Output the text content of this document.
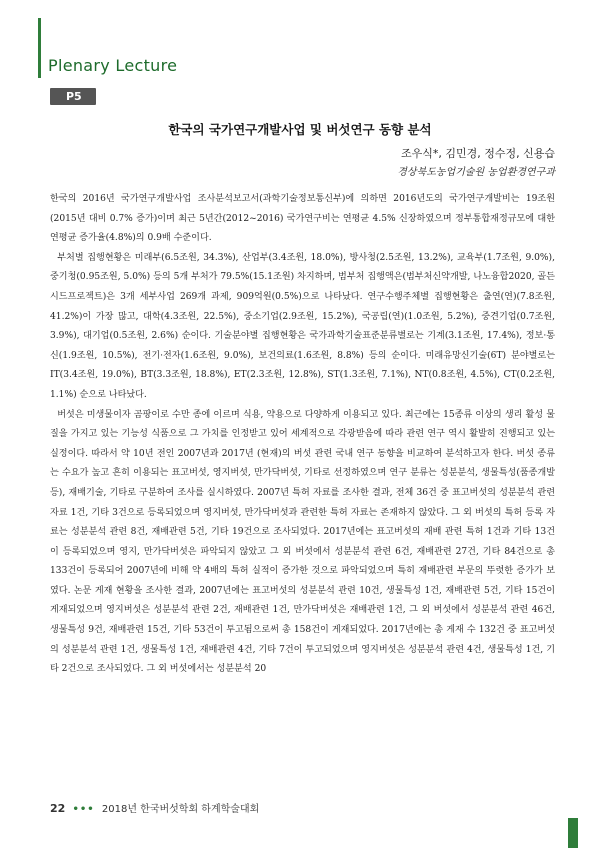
Plenary Lecture
P5
한국의 국가연구개발사업 및 버섯연구 동향 분석
조우식*, 김민경, 정수정, 신용습
경상북도농업기술원 농업환경연구과

한국의 2016년 국가연구개발사업 조사분석보고서(과학기술정보통신부)에 의하면 2016년도의 국가연구개발비는 19조원(2015년 대비 0.7% 증가)이며 최근 5년간(2012~2016) 국가연구비는 연평균 4.5% 신장하였으며 정부통합재정규모에 대한 연평균 증가율(4.8%)의 0.9배 수준이다.

부처별 집행현황은 미래부(6.5조원, 34.3%), 산업부(3.4조원, 18.0%), 방사청(2.5조원, 13.2%), 교육부(1.7조원, 9.0%), 중기청(0.95조원, 5.0%) 등의 5개 부처가 79.5%(15.1조원) 차지하며, 범부처 집행액은(범부처신약개발, 나노융합2020, 골든시드프로젝트)은 3개 세부사업 269개 과제, 909억원(0.5%)으로 나타났다. 연구수행주체별 집행현황은 출연(연)(7.8조원, 41.2%)이 가장 많고, 대학(4.3조원, 22.5%), 중소기업(2.9조원, 15.2%), 국공립(연)(1.0조원, 5.2%), 중견기업(0.7조원, 3.9%), 대기업(0.5조원, 2.6%) 순이다. 기술분야별 집행현황은 국가과학기술표준분류별로는 기계(3.1조원, 17.4%), 정보·통신(1.9조원, 10.5%), 전기·전자(1.6조원, 9.0%), 보건의료(1.6조원, 8.8%) 등의 순이다. 미래유망신기술(6T) 분야별로는 IT(3.4조원, 19.0%), BT(3.3조원, 18.8%), ET(2.3조원, 12.8%), ST(1.3조원, 7.1%), NT(0.8조원, 4.5%), CT(0.2조원, 1.1%) 순으로 나타났다.

버섯은 미생물이자 곰팡이로 수만 종에 이르며 식용, 약용으로 다양하게 이용되고 있다. 최근에는 15종류 이상의 생리 활성 물질을 가지고 있는 기능성 식품으로 그 가치를 인정받고 있어 세계적으로 각광받음에 따라 관련 연구 역시 활발히 진행되고 있는 실정이다. 따라서 약 10년 전인 2007년과 2017년 (현재)의 버섯 관련 국내 연구 동향을 비교하여 분석하고자 한다. 버섯 종류는 수요가 높고 흔히 이용되는 표고버섯, 영지버섯, 만가닥버섯, 기타로 선정하였으며 연구 분류는 성분분석, 생물특성(품종개발 등), 재배기술, 기타로 구분하여 조사를 실시하였다. 2007년 특허 자료를 조사한 결과, 전체 36건 중 표고버섯의 성분분석 관련 자료 1건, 기타 3건으로 등록되었으며 영지버섯, 만가닥버섯과 관련한 특허 자료는 존재하지 않았다. 그 외 버섯의 특허 등록 자료는 성분분석 관련 8건, 재배관련 5건, 기타 19건으로 조사되었다. 2017년에는 표고버섯의 재배 관련 특허 1건과 기타 13건이 등록되었으며 영지, 만가닥버섯은 파악되지 않았고 그 외 버섯에서 성분분석 관련 6건, 재배관련 27건, 기타 84건으로 총 133건이 등록되어 2007년에 비해 약 4배의 특허 실적이 증가한 것으로 파악되었으며 특히 재배관련 부문의 뚜렷한 증가가 보였다. 논문 게재 현황을 조사한 결과, 2007년에는 표고버섯의 성분분석 관련 10건, 생물특성 1건, 재배관련 5건, 기타 15건이 게재되었으며 영지버섯은 성분분석 관련 2건, 재배관련 1건, 만가닥버섯은 재배관련 1건, 그 외 버섯에서 성분분석 관련 46건, 생물특성 9건, 재배관련 15건, 기타 53건이 투고됨으로써 총 158건이 게재되었다. 2017년에는 총 게재 수 132건 중 표고버섯의 성분분석 관련 1건, 생물특성 1건, 재배관련 4건, 기타 7건이 투고되었으며 영지버섯은 성분분석 관련 4건, 생물특성 1건, 기타 2건으로 조사되었다. 그 외 버섯에서는 성분분석 20

22 ••• 2018년 한국버섯학회 하계학술대회
